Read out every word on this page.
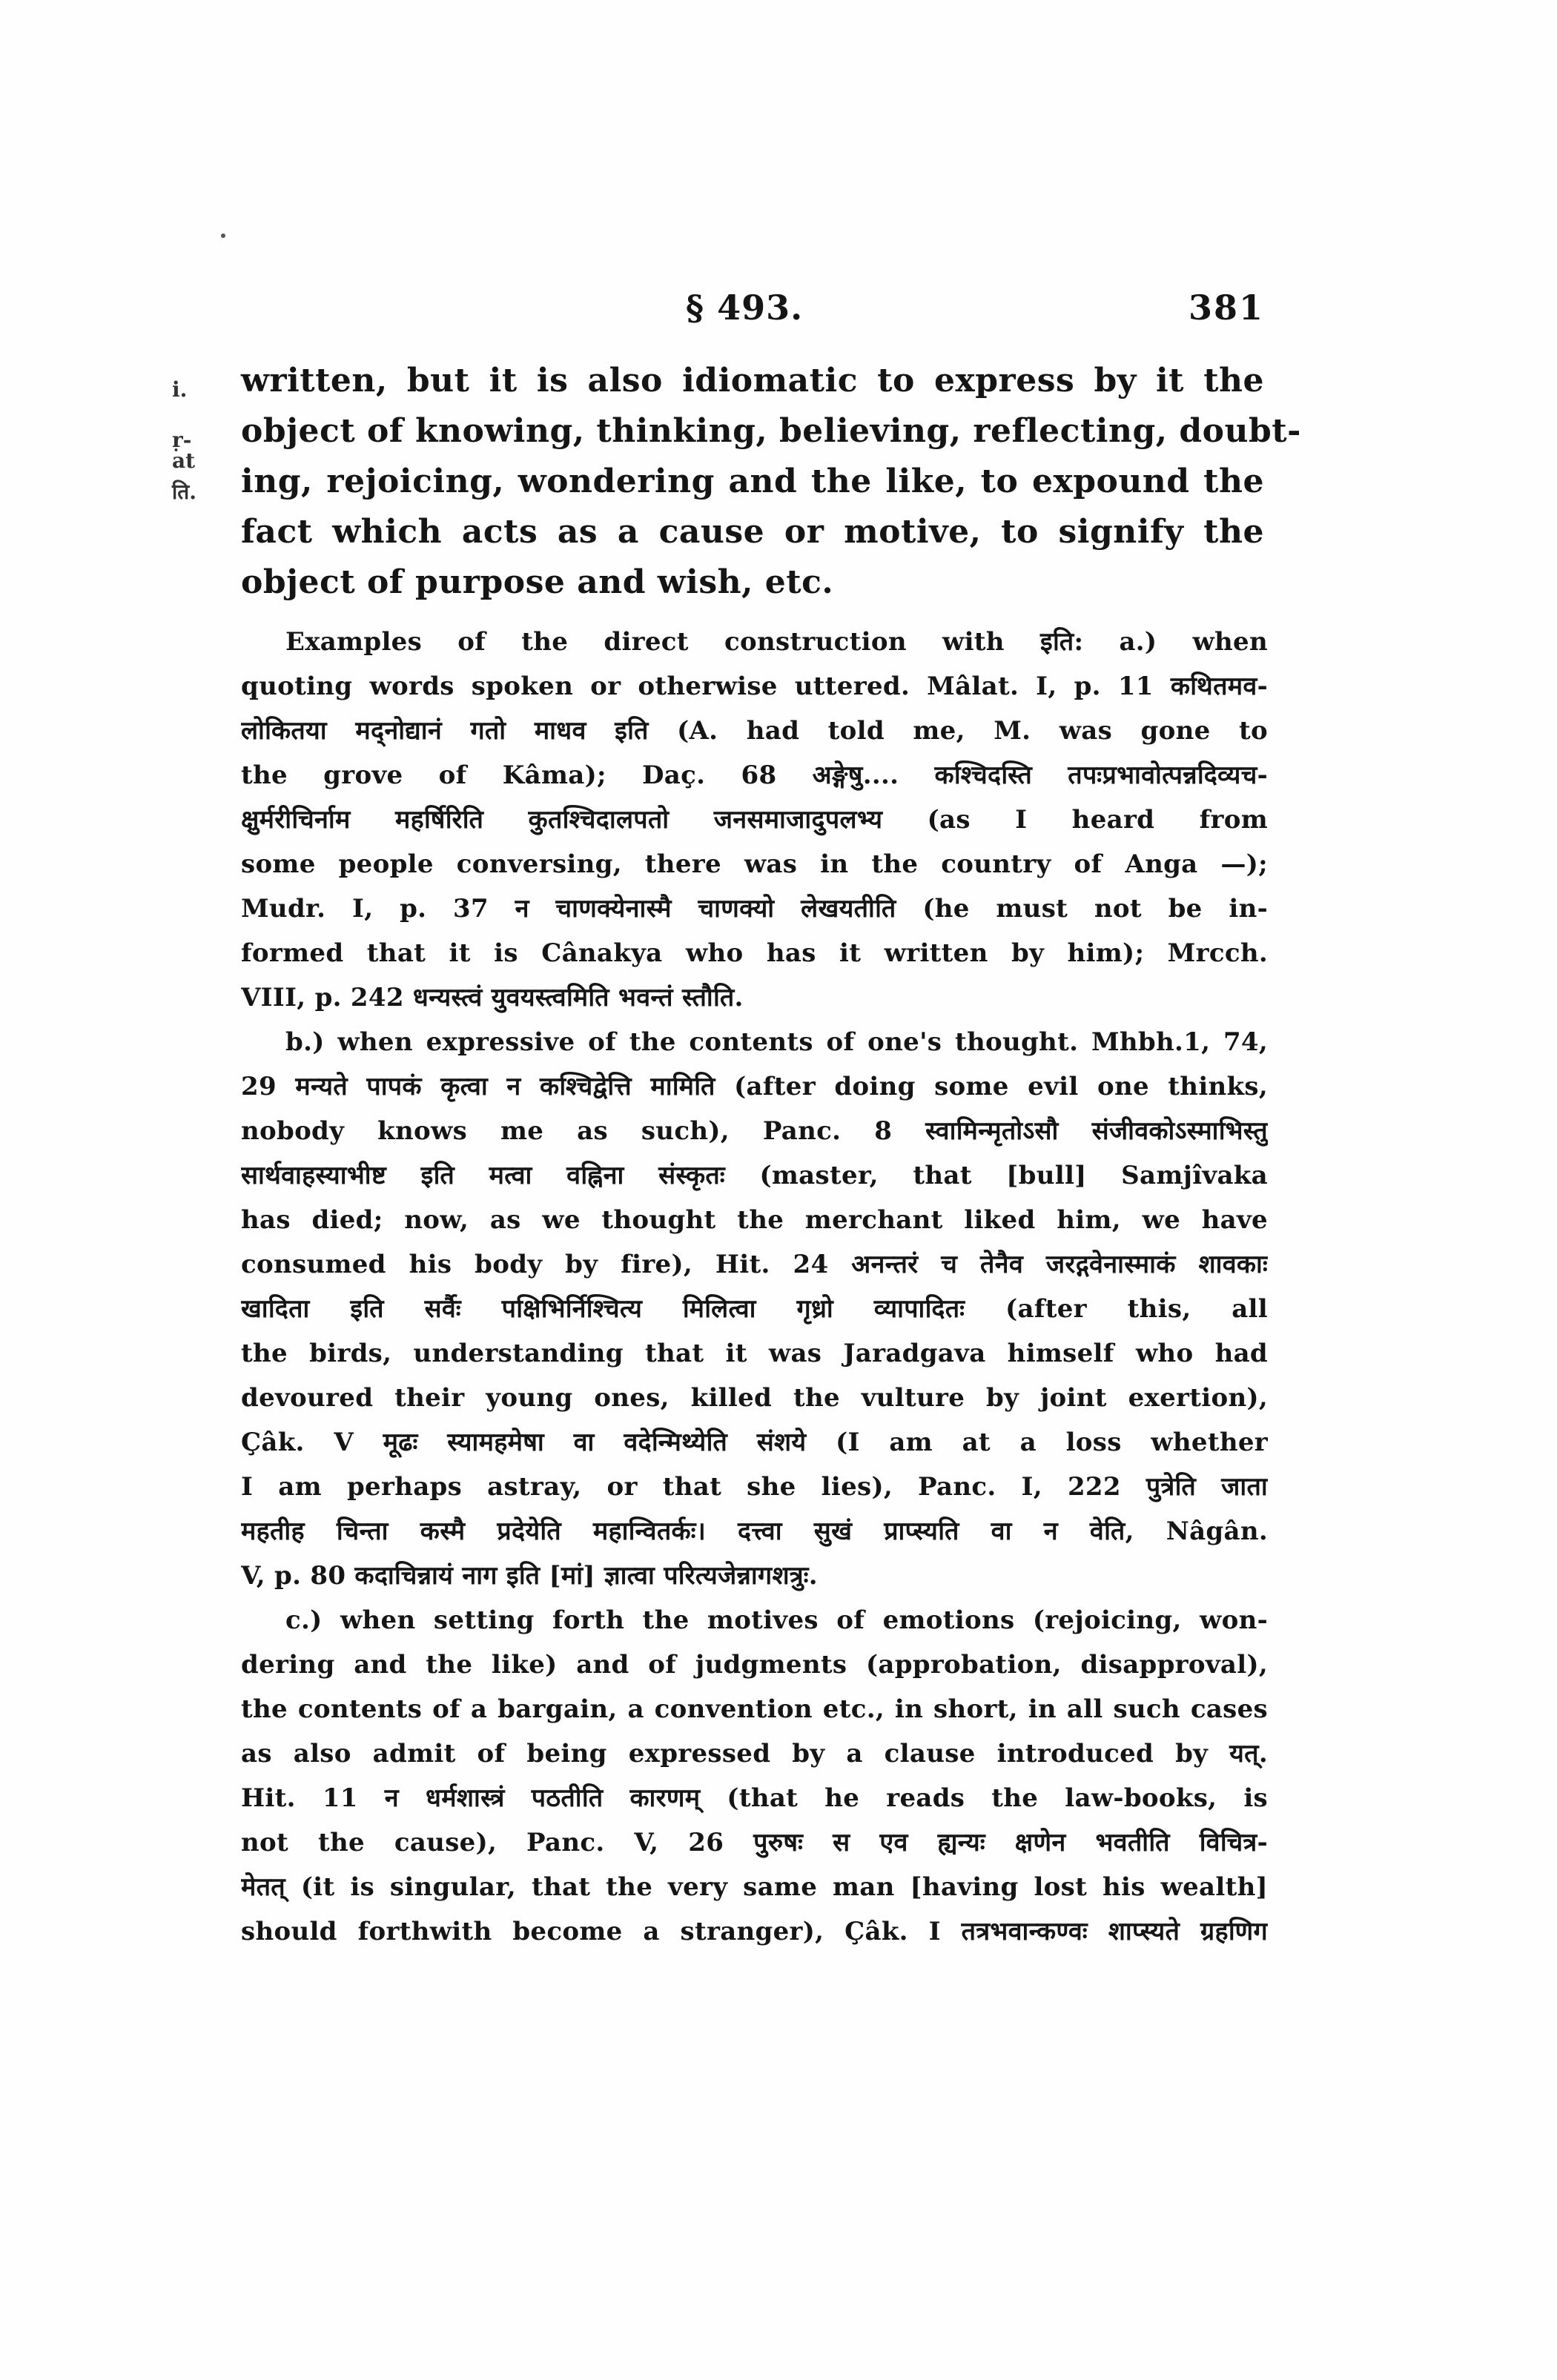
§ 493.	381
i.
ṛ-
at
ति.
written, but it is also idiomatic to express by it the
object of knowing, thinking, believing, reflecting, doubt-
ing, rejoicing, wondering and the like, to expound the
fact which acts as a cause or motive, to signify the
object of purpose and wish, etc.
Examples of the direct construction with इति: a.) when
quoting words spoken or otherwise uttered. Mâlat. I, p. 11 कथितमव-
लोकितया मद्नोद्यानं गतो माधव इति (A. had told me, M. was gone to
the grove of Kâma); Daç. 68 अङ्गेषु.... कश्चिदस्ति तपःप्रभावोत्पन्नदिव्यच-
क्षुर्मरीचिर्नाम महर्षिरिति कुतश्चिदालपतो जनसमाजादुपलभ्य (as I heard from
some people conversing, there was in the country of Anga —);
Mudr. I, p. 37 न चाणक्येनास्मै चाणक्यो लेखयतीति (he must not be in-
formed that it is Cânakya who has it written by him); Mrcch.
VIII, p. 242 धन्यस्त्वं युवयस्त्वमिति भवन्तं स्तौति.
b.) when expressive of the contents of one's thought. Mhbh.1, 74,
29 मन्यते पापकं कृत्वा न कश्चिद्वेत्ति मामिति (after doing some evil one thinks,
nobody knows me as such), Panc. 8 स्वामिन्मृतोऽसौ संजीवकोऽस्माभिस्तु
सार्थवाहस्याभीष्ट इति मत्वा वह्निना संस्कृतः (master, that [bull] Samjîvaka
has died; now, as we thought the merchant liked him, we have
consumed his body by fire), Hit. 24 अनन्तरं च तेनैव जरद्गवेनास्माकं शावकाः
खादिता इति सर्वैः पक्षिभिर्निश्चित्य मिलित्वा गृध्रो व्यापादितः (after this, all
the birds, understanding that it was Jaradgava himself who had
devoured their young ones, killed the vulture by joint exertion),
Çâk. V मूढः स्यामहमेषा वा वदेन्मिथ्येति संशये (I am at a loss whether
I am perhaps astray, or that she lies), Panc. I, 222 पुत्रेति जाता
महतीह चिन्ता कस्मै प्रदेयेति महान्वितर्कः। दत्त्वा सुखं प्राप्स्यति वा न वेति, Nâgân.
V, p. 80 कदाचिन्नायं नाग इति [मां] ज्ञात्वा परित्यजेन्नागशत्रुः.
c.) when setting forth the motives of emotions (rejoicing, won-
dering and the like) and of judgments (approbation, disapproval),
the contents of a bargain, a convention etc., in short, in all such cases
as also admit of being expressed by a clause introduced by यत्.
Hit. 11 न धर्मशास्त्रं पठतीति कारणम् (that he reads the law-books, is
not the cause), Panc. V, 26 पुरुषः स एव ह्यन्यः क्षणेन भवतीति विचित्र-
मेतत् (it is singular, that the very same man [having lost his wealth]
should forthwith become a stranger), Çâk. I तत्रभवान्कण्वः शाप्स्यते ग्रहणिग
